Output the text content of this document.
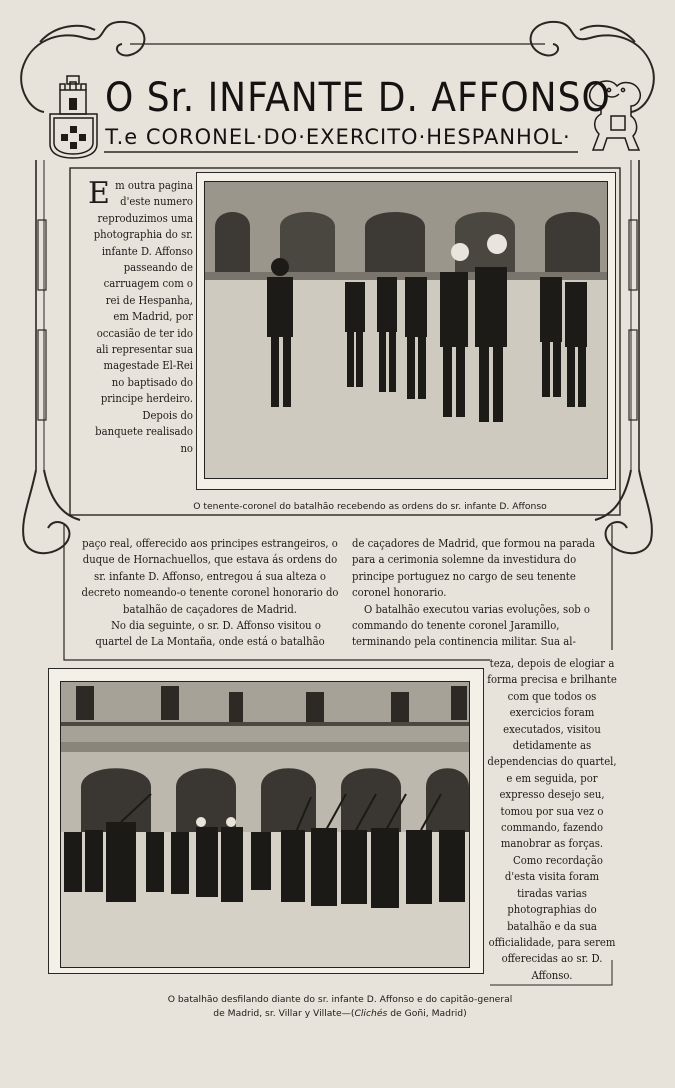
O Sr. INFANTE D. AFFONSO
T.e CORONEL·DO·EXERCITO·HESPANHOL·
E m outra pagina d'este numero reproduzimos uma photographia do sr. infante D. Affonso passeando de carruagem com o rei de Hespanha, em Madrid, por occasião de ter ido ali representar sua magestade El-Rei no baptisado do principe herdeiro.

Depois do banquete realisado no

O tenente-coronel do batalhão recebendo as ordens do sr. infante D. Affonso

paço real, offerecido aos principes estrangeiros, o duque de Hornachuellos, que estava ás ordens do sr. infante D. Affonso, entregou á sua alteza o decreto nomeando-o tenente coronel honorario do batalhão de caçadores de Madrid.

No dia seguinte, o sr. D. Affonso visitou o quartel de La Montaña, onde está o batalhão

de caçadores de Madrid, que formou na parada para a cerimonia solemne da investidura do principe portuguez no cargo de seu tenente coronel honorario.

O batalhão executou varias evoluções, sob o commando do tenente coronel Jaramillo, terminando pela continencia militar. Sua al-

teza, depois de elogiar a forma precisa e brilhante com que todos os exercicios foram executados, visitou detidamente as dependencias do quartel, e em seguida, por expresso desejo seu, tomou por sua vez o commando, fazendo manobrar as forças.

Como recordação d'esta visita foram tiradas varias photographias do batalhão e da sua officialidade, para serem offerecidas ao sr. D. Affonso.

O batalhão desfilando diante do sr. infante D. Affonso e do capitão-general
de Madrid, sr. Villar y Villate—(Clichés de Goñi, Madrid)
